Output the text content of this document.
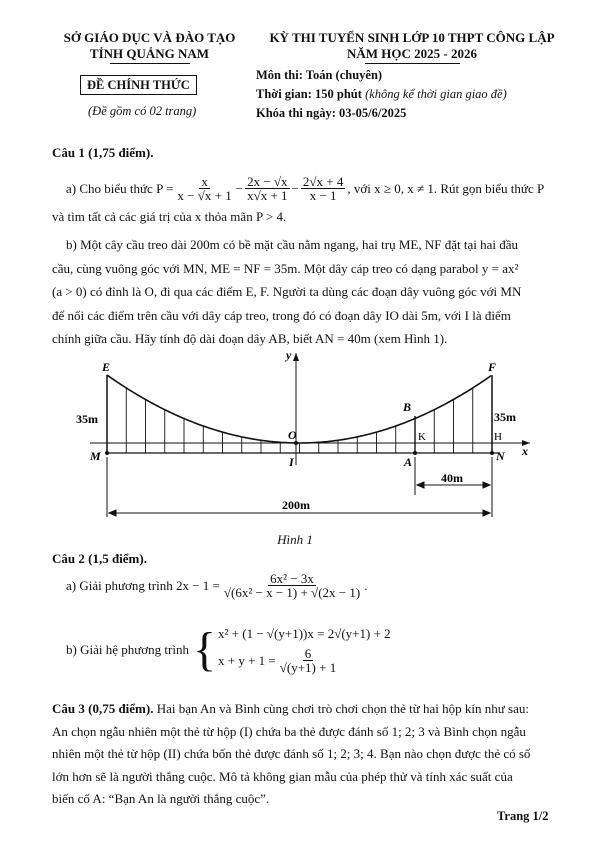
SỞ GIÁO DỤC VÀ ĐÀO TẠO
TỈNH QUẢNG NAM
KỲ THI TUYỂN SINH LỚP 10 THPT CÔNG LẬP
NĂM HỌC 2025 - 2026
ĐỀ CHÍNH THỨC
(Đề gồm có 02 trang)
Môn thi: Toán (chuyên)
Thời gian: 150 phút (không kể thời gian giao đề)
Khóa thi ngày: 03-05/6/2025
Câu 1 (1,75 điểm).
a) Cho biểu thức $P = \frac{x}{x - √x + 1} - \frac{2x - √x}{x√x + 1} - \frac{2√x + 4}{x - 1}$ , với x ≥ 0, x ≠ 1. Rút gọn biểu thức P
và tìm tất cả các giá trị của x thỏa mãn P > 4.
b) Một cây cầu treo dài 200m có bề mặt cầu nằm ngang, hai trụ ME, NF đặt tại hai đầu
cầu, cùng vuông góc với MN, ME = NF = 35m. Một dây cáp treo có dạng parabol y = ax²
(a > 0) có đỉnh là O, đi qua các điểm E, F. Người ta dùng các đoạn dây vuông góc với MN
để nối các điểm trên cầu với dây cáp treo, trong đó có đoạn dây IO dài 5m, với I là điểm
chính giữa cầu. Hãy tính độ dài đoạn dây AB, biết AN = 40m (xem Hình 1).
E	F
M	N
O
I	A
B
K	H
x
y
35m	35m
40m
200m
Hình 1
Câu 2 (1,5 điểm).
a) Giải phương trình $2x - 1 = \frac{\text{6x² − 3x}}{\text{√(6x² − x − 1) + √(2x − 1)}}$ .
b) Giải hệ phương trình { x² + (1 − √(y+1))x = 2√(y+1) + 2
$x + y + 1 = \frac{6}{√(y+1) + 1}$
Câu 3 (0,75 điểm). Hai bạn An và Bình cùng chơi trò chơi chọn thẻ từ hai hộp kín như sau:
An chọn ngẫu nhiên một thẻ từ hộp (I) chứa ba thẻ được đánh số 1; 2; 3 và Bình chọn ngẫu
nhiên một thẻ từ hộp (II) chứa bốn thẻ được đánh số 1; 2; 3; 4. Bạn nào chọn được thẻ có số
lớn hơn sẽ là người thắng cuộc. Mô tả không gian mẫu của phép thử và tính xác suất của
biến cố A: “Bạn An là người thắng cuộc”.
Trang 1/2
